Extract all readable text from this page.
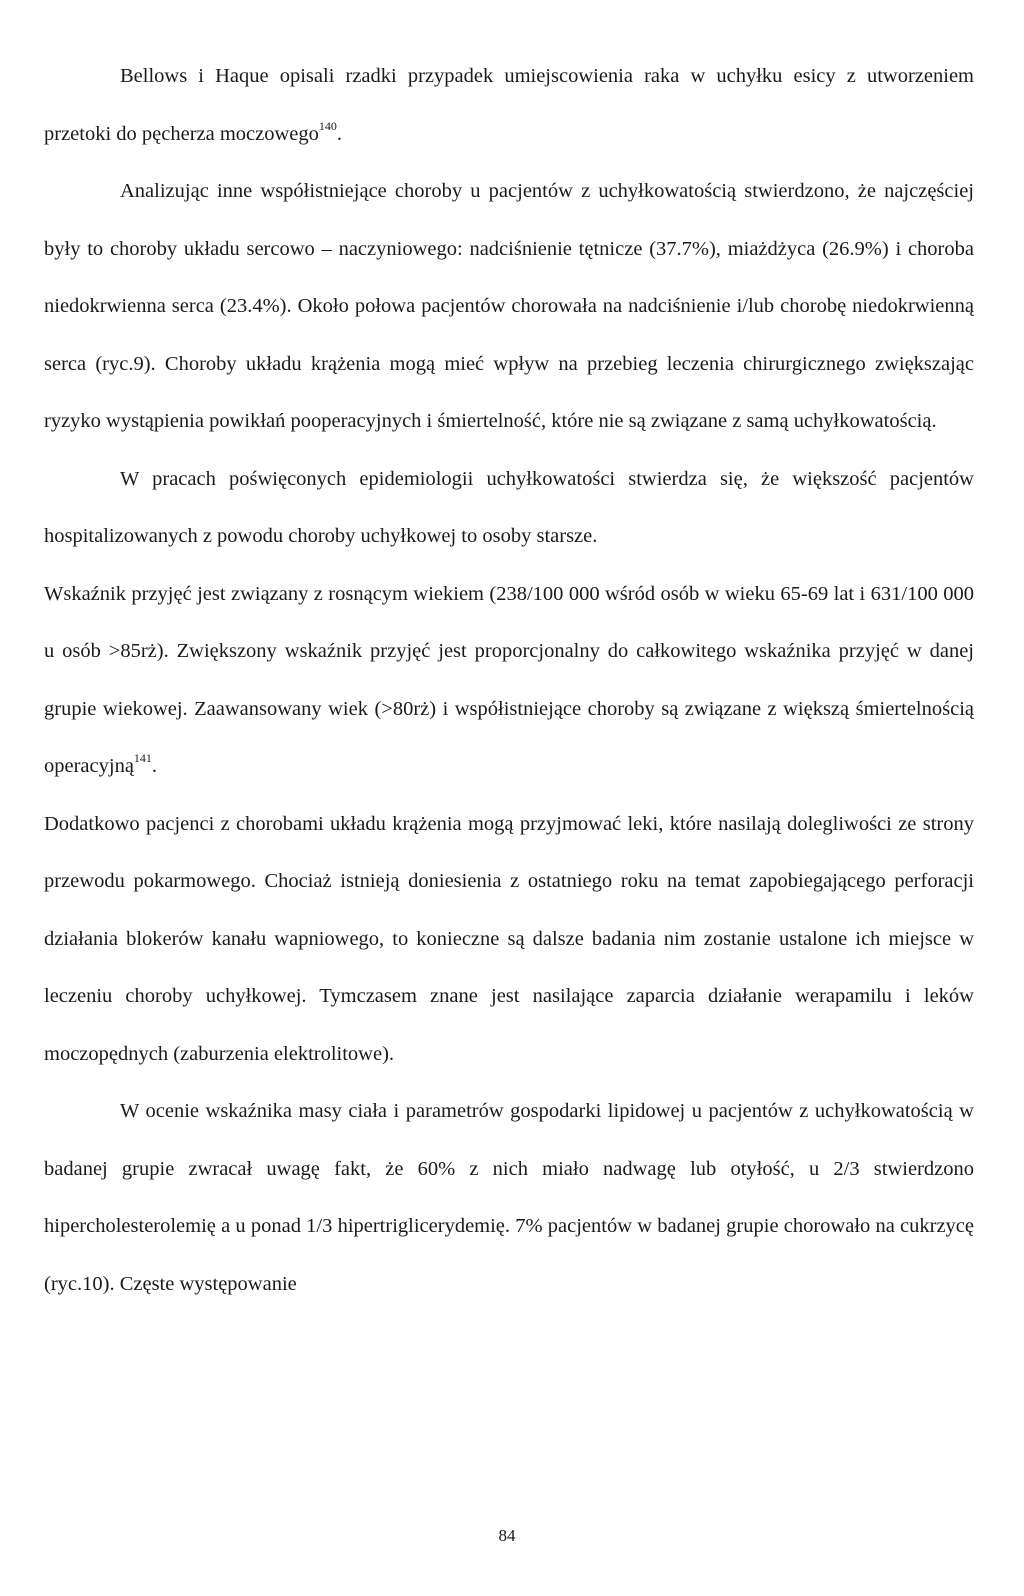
Bellows i Haque opisali rzadki przypadek umiejscowienia raka w uchyłku esicy z utworzeniem przetoki do pęcherza moczowego$^{140}$.

Analizując inne współistniejące choroby u pacjentów z uchyłkowatością stwierdzono, że najczęściej były to choroby układu sercowo – naczyniowego: nadciśnienie tętnicze (37.7%), miażdżyca (26.9%) i choroba niedokrwienna serca (23.4%). Około połowa pacjentów chorowała na nadciśnienie i/lub chorobę niedokrwienną serca (ryc.9). Choroby układu krążenia mogą mieć wpływ na przebieg leczenia chirurgicznego zwiększając ryzyko wystąpienia powikłań pooperacyjnych i śmiertelność, które nie są związane z samą uchyłkowatością.

W pracach poświęconych epidemiologii uchyłkowatości stwierdza się, że większość pacjentów hospitalizowanych z powodu choroby uchyłkowej to osoby starsze.

Wskaźnik przyjęć jest związany z rosnącym wiekiem (238/100 000 wśród osób w wieku 65-69 lat i 631/100 000 u osób >85rż). Zwiększony wskaźnik przyjęć jest proporcjonalny do całkowitego wskaźnika przyjęć w danej grupie wiekowej. Zaawansowany wiek (>80rż) i współistniejące choroby są związane z większą śmiertelnością operacyjną$^{141}$.

Dodatkowo pacjenci z chorobami układu krążenia mogą przyjmować leki, które nasilają dolegliwości ze strony przewodu pokarmowego. Chociaż istnieją doniesienia z ostatniego roku na temat zapobiegającego perforacji działania blokerów kanału wapniowego, to konieczne są dalsze badania nim zostanie ustalone ich miejsce w leczeniu choroby uchyłkowej. Tymczasem znane jest nasilające zaparcia działanie werapamilu i leków moczopędnych (zaburzenia elektrolitowe).

W ocenie wskaźnika masy ciała i parametrów gospodarki lipidowej u pacjentów z uchyłkowatością w badanej grupie zwracał uwagę fakt, że 60% z nich miało nadwagę lub otyłość, u 2/3 stwierdzono hipercholesterolemię a u ponad 1/3 hipertriglicerydemię. 7% pacjentów w badanej grupie chorowało na cukrzycę (ryc.10). Częste występowanie

84
